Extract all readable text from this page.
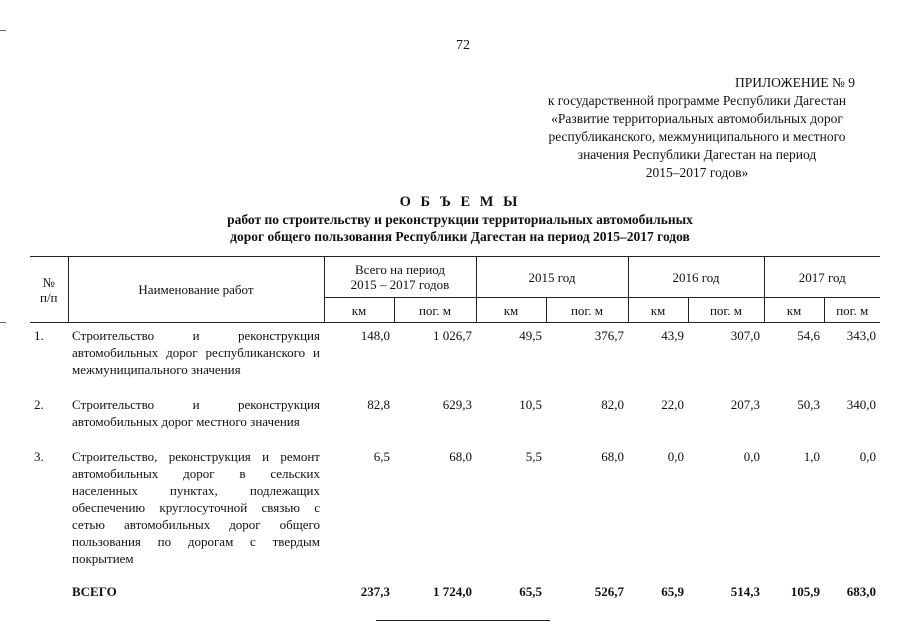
72
ПРИЛОЖЕНИЕ № 9
к государственной программе Республики Дагестан
«Развитие территориальных автомобильных дорог
республиканского, межмуниципального и местного
значения Республики Дагестан на период
2015–2017 годов»
О Б Ъ Е М Ы
работ по строительству и реконструкции территориальных автомобильных
дорог общего пользования Республики Дагестан на период 2015–2017 годов
№
п/п	Наименование работ	Всего на период
2015 – 2017 годов		2015 год		2016 год		2017 год	
		км	пог. м	км	пог. м	км	пог. м	км	пог. м
1.	Строительство и реконструкция автомобильных дорог республиканского и межмуниципального значения	148,0	1 026,7	49,5	376,7	43,9	307,0	54,6	343,0

2.	Строительство и реконструкция автомобильных дорог местного значения	82,8	629,3	10,5	82,0	22,0	207,3	50,3	340,0

3.	Строительство, реконструкция и ремонт автомобильных дорог в сельских населенных пунктах, подлежащих обеспечению круглосуточной связью с сетью автомобильных дорог общего пользования по дорогам с твердым покрытием	6,5	68,0	5,5	68,0	0,0	0,0	1,0	0,0
	ВСЕГО	237,3	1 724,0	65,5	526,7	65,9	514,3	105,9	683,0
